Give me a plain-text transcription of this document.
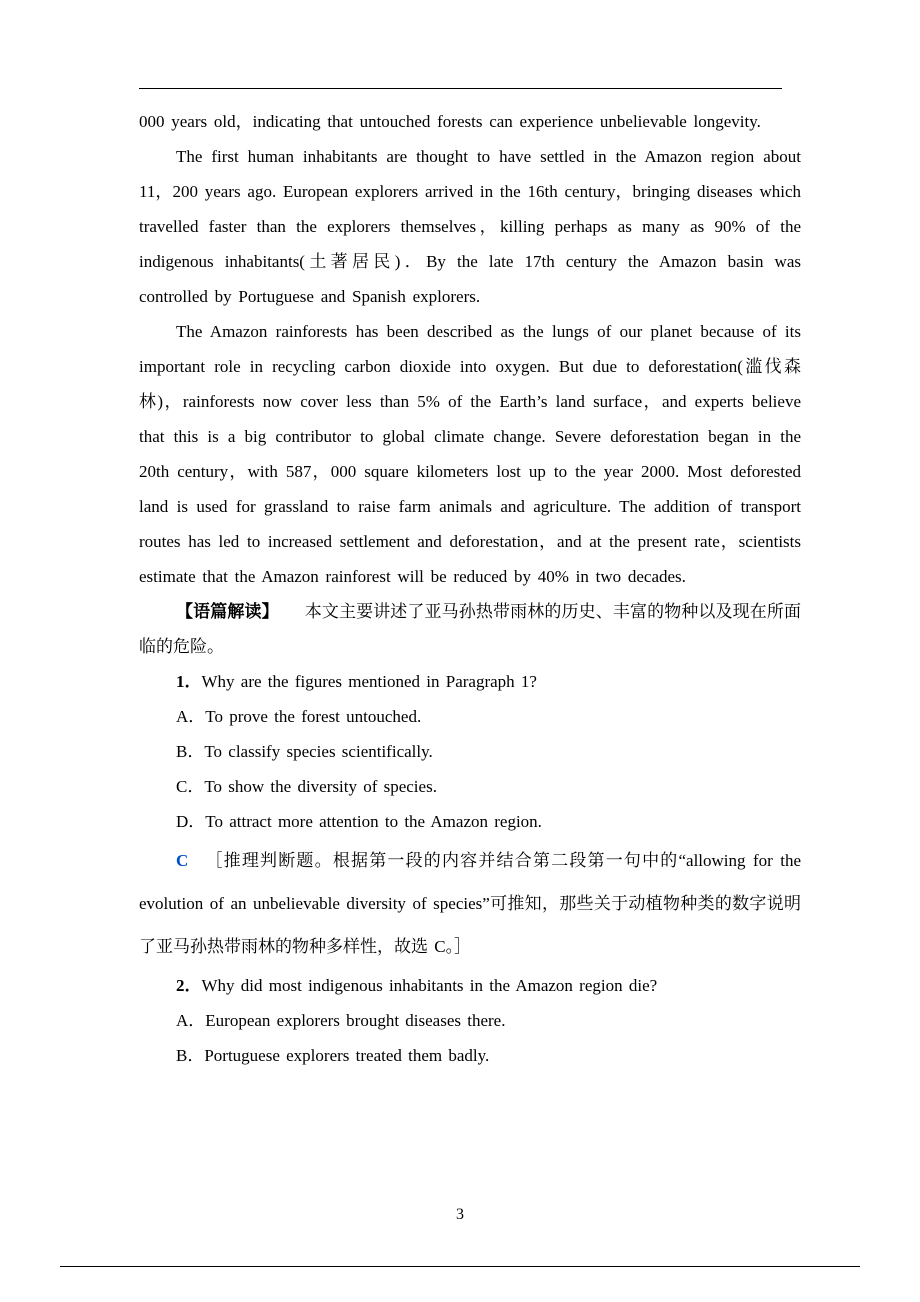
000 years old，indicating that untouched forests can experience unbelievable longevity.

The first human inhabitants are thought to have settled in the Amazon region about 11，200 years ago. European explorers arrived in the 16th century，bringing diseases which travelled faster than the explorers themselves，killing perhaps as many as 90% of the indigenous inhabitants(土著居民)．By the late 17th century the Amazon basin was controlled by Portuguese and Spanish explorers.

The Amazon rainforests has been described as the lungs of our planet because of its important role in recycling carbon dioxide into oxygen. But due to deforestation(滥伐森林)，rainforests now cover less than 5% of the Earth’s land surface，and experts believe that this is a big contributor to global climate change. Severe deforestation began in the 20th century，with 587，000 square kilometers lost up to the year 2000. Most deforested land is used for grassland to raise farm animals and agriculture. The addition of transport routes has led to increased settlement and deforestation，and at the present rate，scientists estimate that the Amazon rainforest will be reduced by 40% in two decades.

【语篇解读】 本文主要讲述了亚马孙热带雨林的历史、丰富的物种以及现在所面临的危险。

1．Why are the figures mentioned in Paragraph 1?

A．To prove the forest untouched.

B．To classify species scientifically.

C．To show the diversity of species.

D．To attract more attention to the Amazon region.

C ［推理判断题。根据第一段的内容并结合第二段第一句中的“allowing for the evolution of an unbelievable diversity of species”可推知，那些关于动植物种类的数字说明了亚马孙热带雨林的物种多样性，故选 C。］

2．Why did most indigenous inhabitants in the Amazon region die?

A．European explorers brought diseases there.

B．Portuguese explorers treated them badly.

3
